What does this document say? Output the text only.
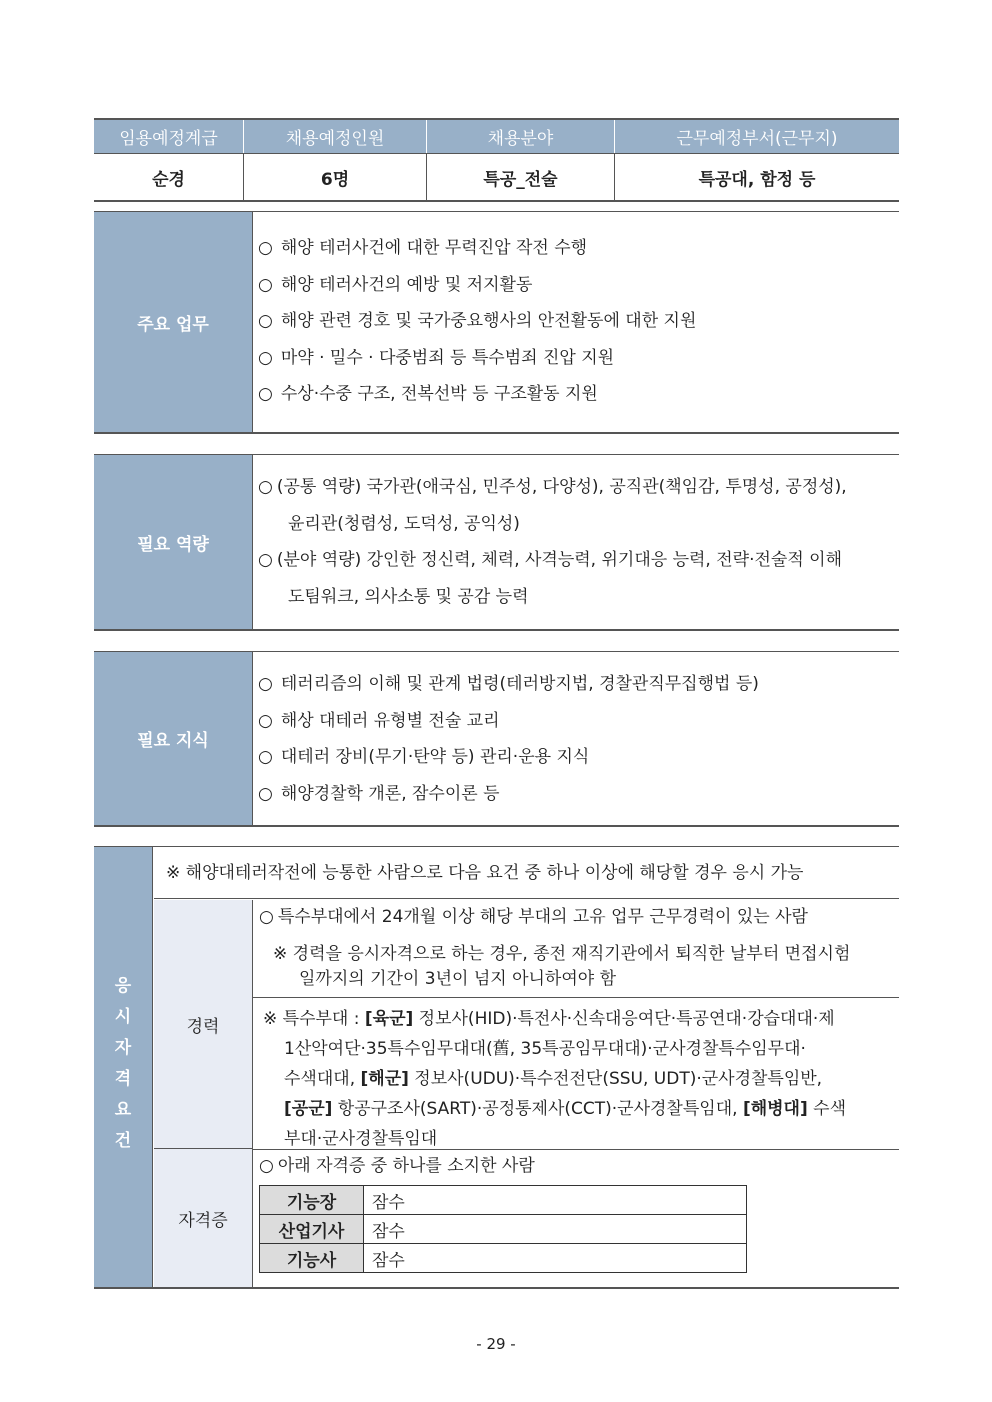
임용예정계급	채용예정인원	채용분야	근무예정부서(근무지)
순경	6명	특공_전술	특공대, 함정 등
주요 업무

○ 해양 테러사건에 대한 무력진압 작전 수행

○ 해양 테러사건의 예방 및 저지활동

○ 해양 관련 경호 및 국가중요행사의 안전활동에 대한 지원

○ 마약 · 밀수 · 다중범죄 등 특수범죄 진압 지원

○ 수상·수중 구조, 전복선박 등 구조활동 지원

필요 역량

○ (공통 역량) 국가관(애국심, 민주성, 다양성), 공직관(책임감, 투명성, 공정성),

윤리관(청렴성, 도덕성, 공익성)

○ (분야 역량) 강인한 정신력, 체력, 사격능력, 위기대응 능력, 전략·전술적 이해

도팀워크, 의사소통 및 공감 능력

필요 지식

○ 테러리즘의 이해 및 관계 법령(테러방지법, 경찰관직무집행법 등)

○ 해상 대테러 유형별 전술 교리

○ 대테러 장비(무기·탄약 등) 관리·운용 지식

○ 해양경찰학 개론, 잠수이론 등

응
시
자
격
요
건
※ 해양대테러작전에 능통한 사람으로 다음 요건 중 하나 이상에 해당할 경우 응시 가능
경력

○ 특수부대에서 24개월 이상 해당 부대의 고유 업무 근무경력이 있는 사람

※ 경력을 응시자격으로 하는 경우, 종전 재직기관에서 퇴직한 날부터 면접시험

일까지의 기간이 3년이 넘지 아니하여야 함

※ 특수부대 : [육군] 정보사(HID)·특전사·신속대응여단·특공연대·강습대대·제

1산악여단·35특수임무대대(舊, 35특공임무대대)·군사경찰특수임무대·

수색대대, [해군] 정보사(UDU)·특수전전단(SSU, UDT)·군사경찰특임반,

[공군] 항공구조사(SART)·공정통제사(CCT)·군사경찰특임대, [해병대] 수색

부대·군사경찰특임대

자격증

○ 아래 자격증 중 하나를 소지한 사람

기능장	잠수
산업기사	잠수
기능사	잠수
- 29 -
